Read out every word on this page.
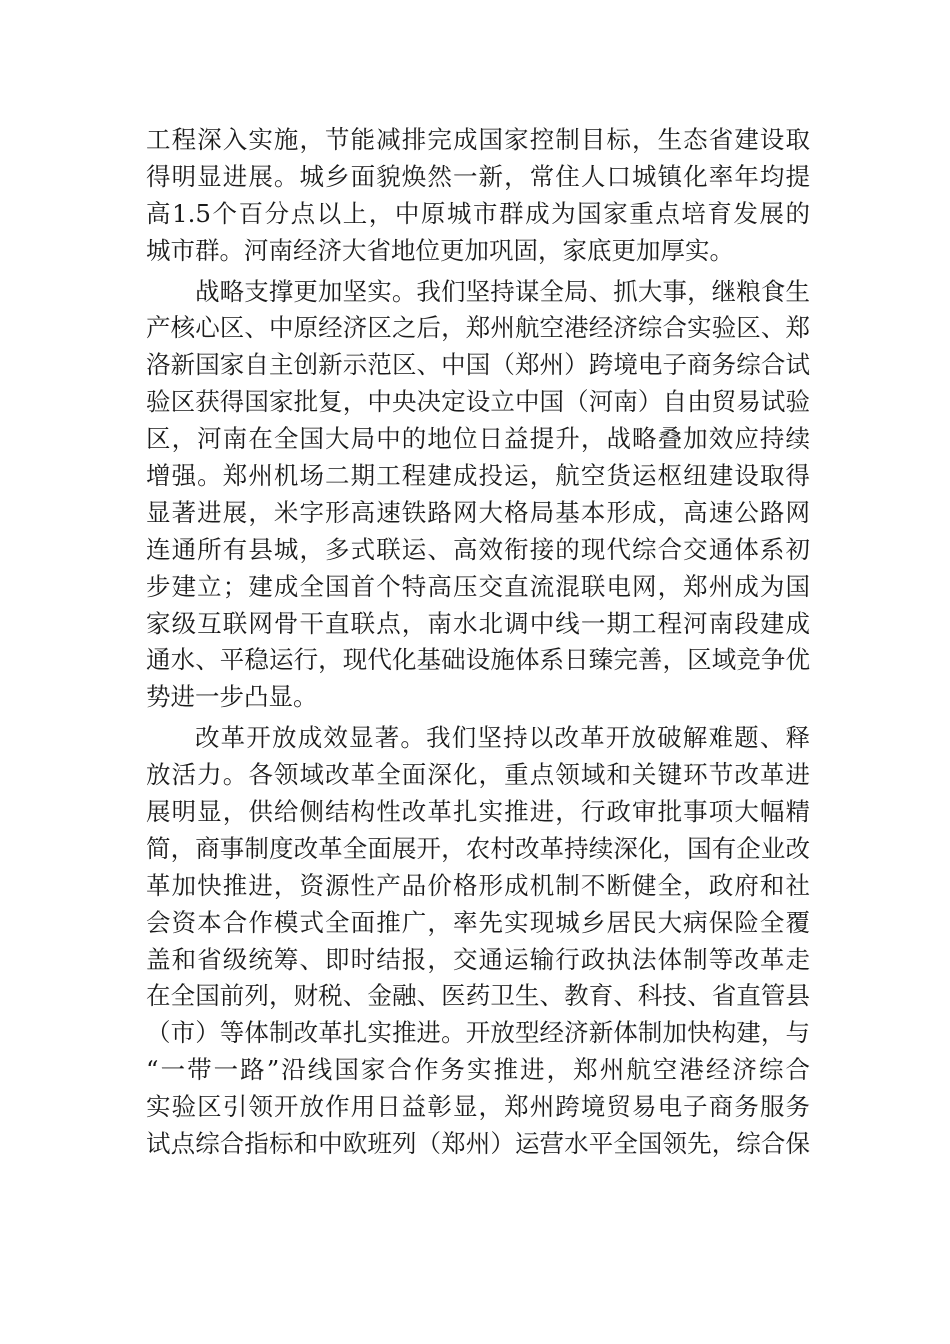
工程深入实施，节能减排完成国家控制目标，生态省建设取
得明显进展。城乡面貌焕然一新，常住人口城镇化率年均提
高1.5个百分点以上，中原城市群成为国家重点培育发展的
城市群。河南经济大省地位更加巩固，家底更加厚实。
战略支撑更加坚实。我们坚持谋全局、抓大事，继粮食生
产核心区、中原经济区之后，郑州航空港经济综合实验区、郑
洛新国家自主创新示范区、中国（郑州）跨境电子商务综合试
验区获得国家批复，中央决定设立中国（河南）自由贸易试验
区，河南在全国大局中的地位日益提升，战略叠加效应持续
增强。郑州机场二期工程建成投运，航空货运枢纽建设取得
显著进展，米字形高速铁路网大格局基本形成，高速公路网
连通所有县城，多式联运、高效衔接的现代综合交通体系初
步建立；建成全国首个特高压交直流混联电网，郑州成为国
家级互联网骨干直联点，南水北调中线一期工程河南段建成
通水、平稳运行，现代化基础设施体系日臻完善，区域竞争优
势进一步凸显。
改革开放成效显著。我们坚持以改革开放破解难题、释
放活力。各领域改革全面深化，重点领域和关键环节改革进
展明显，供给侧结构性改革扎实推进，行政审批事项大幅精
简，商事制度改革全面展开，农村改革持续深化，国有企业改
革加快推进，资源性产品价格形成机制不断健全，政府和社
会资本合作模式全面推广，率先实现城乡居民大病保险全覆
盖和省级统筹、即时结报，交通运输行政执法体制等改革走
在全国前列，财税、金融、医药卫生、教育、科技、省直管县
（市）等体制改革扎实推进。开放型经济新体制加快构建，与
“一带一路”沿线国家合作务实推进，郑州航空港经济综合
实验区引领开放作用日益彰显，郑州跨境贸易电子商务服务
试点综合指标和中欧班列（郑州）运营水平全国领先，综合保
